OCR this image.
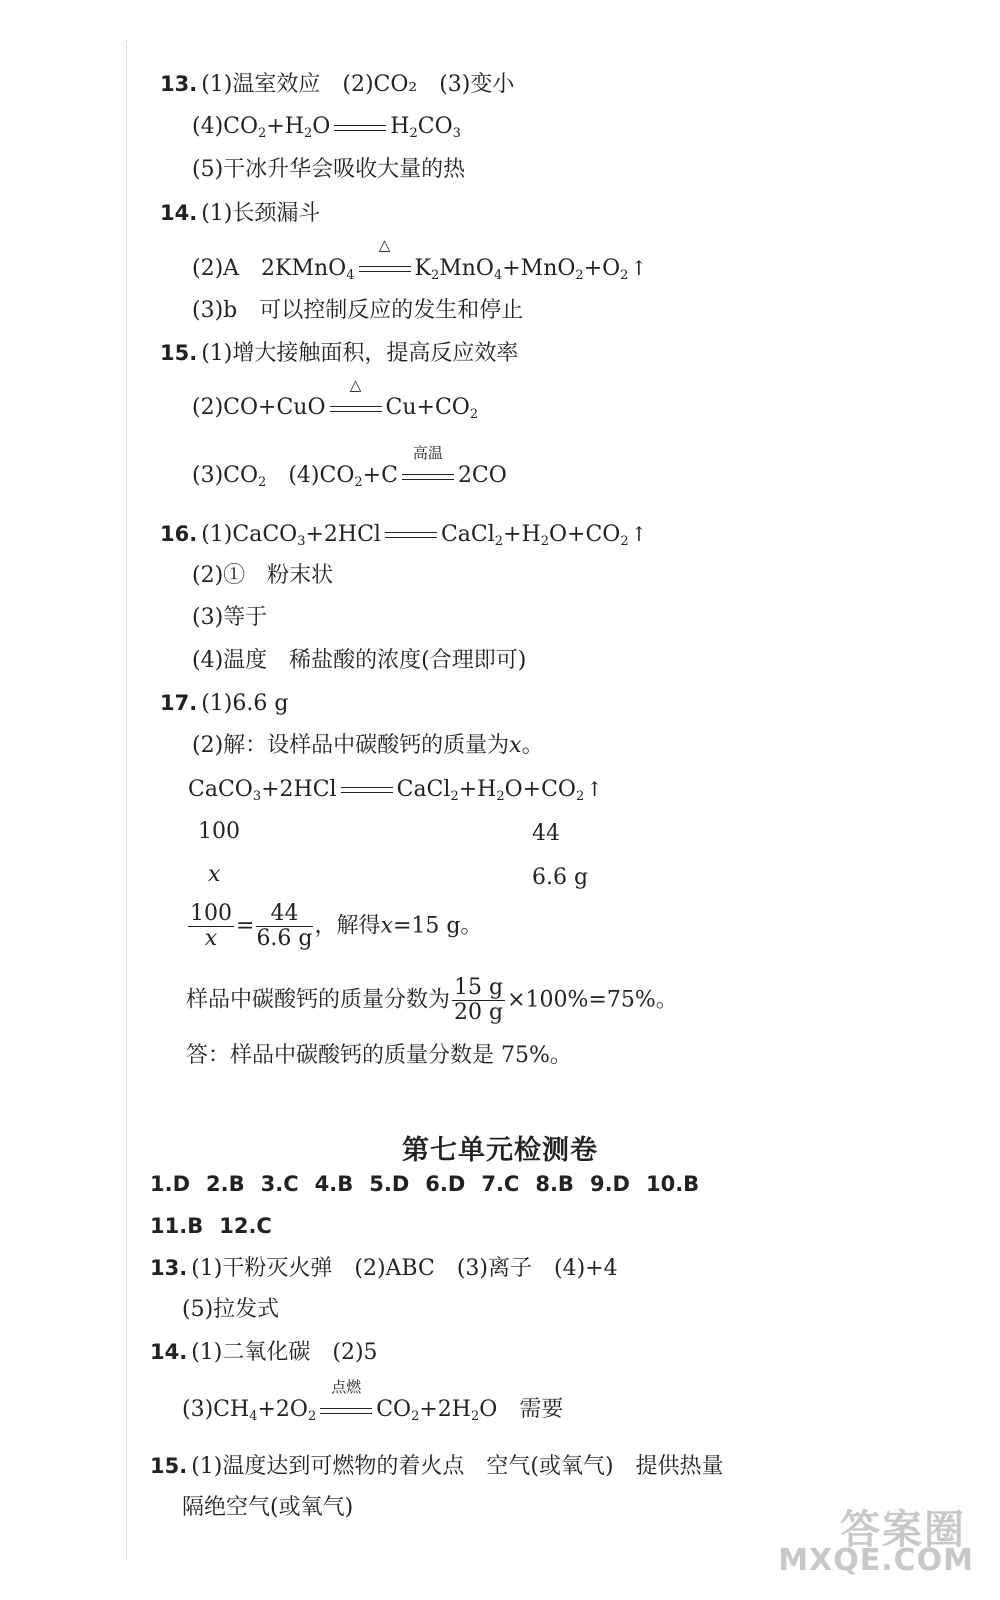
13. (1)温室效应　(2)CO₂　(3)变小
$(4)CO_2+H_2O$	$H_2CO_3$
(5)干冰升华会吸收大量的热
14. (1)长颈漏斗
(2)A　2KMnO$_4$
△
$K_2MnO_4+MnO_2+O_2$ ↑
(3)b　可以控制反应的发生和停止
15. (1)增大接触面积，提高反应效率
(2)CO+CuO
△
$Cu+CO_2$
$(3)CO_2$　$(4)CO_2+C$
高温
2CO
16. (1)CaCO$_3$+2HCl	$CaCl_2+H_2O+CO_2$ ↑
(2)①　粉末状
(3)等于
(4)温度　稀盐酸的浓度(合理即可)
17. (1)6.6 g
(2)解：设样品中碳酸钙的质量为x。
CaCO$_3$+2HCl	$CaCl_2+H_2O+CO_2$ ↑
100	44
x	6.6 g
$\frac{100}{x} = \frac{44}{6.6 g}$ ，解得x=15 g。
样品中碳酸钙的质量分数为 $\frac{15 g}{20 g} \times 100\%=75\%$。
答：样品中碳酸钙的质量分数是 75%。
第七单元检测卷
1.D 2.B 3.C 4.B 5.D 6.D 7.C 8.B 9.D 10.B
11.B 12.C
13. (1)干粉灭火弹　(2)ABC　(3)离子　(4)+4
(5)拉发式
14. (1)二氧化碳　(2)5
$(3)CH_4+2O_2$
点燃
$CO_2+2H_2O$　需要
15. (1)温度达到可燃物的着火点　空气(或氧气)　提供热量
隔绝空气(或氧气)	答案圈
MXQE.COM
